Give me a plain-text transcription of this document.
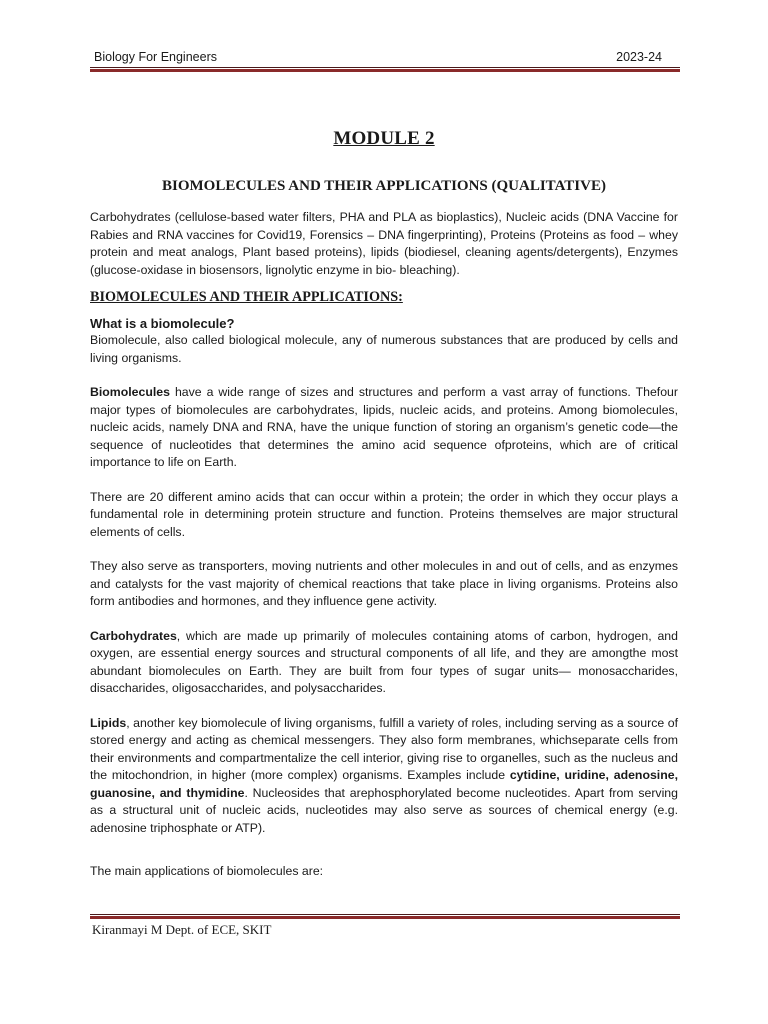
Biology For Engineers	2023-24
MODULE 2
BIOMOLECULES AND THEIR APPLICATIONS (QUALITATIVE)

Carbohydrates (cellulose-based water filters, PHA and PLA as bioplastics), Nucleic acids (DNA Vaccine for Rabies and RNA vaccines for Covid19, Forensics – DNA fingerprinting), Proteins (Proteins as food – whey protein and meat analogs, Plant based proteins), lipids (biodiesel, cleaning agents/detergents), Enzymes (glucose-oxidase in biosensors, lignolytic enzyme in bio- bleaching).

BIOMOLECULES AND THEIR APPLICATIONS:
What is a biomolecule?

Biomolecule, also called biological molecule, any of numerous substances that are produced by cells and living organisms.

Biomolecules have a wide range of sizes and structures and perform a vast array of functions. Thefour major types of biomolecules are carbohydrates, lipids, nucleic acids, and proteins. Among biomolecules, nucleic acids, namely DNA and RNA, have the unique function of storing an organism’s genetic code—the sequence of nucleotides that determines the amino acid sequence ofproteins, which are of critical importance to life on Earth.

There are 20 different amino acids that can occur within a protein; the order in which they occur plays a fundamental role in determining protein structure and function. Proteins themselves are major structural elements of cells.

They also serve as transporters, moving nutrients and other molecules in and out of cells, and as enzymes and catalysts for the vast majority of chemical reactions that take place in living organisms. Proteins also form antibodies and hormones, and they influence gene activity.

Carbohydrates, which are made up primarily of molecules containing atoms of carbon, hydrogen, and oxygen, are essential energy sources and structural components of all life, and they are amongthe most abundant biomolecules on Earth. They are built from four types of sugar units— monosaccharides, disaccharides, oligosaccharides, and polysaccharides.

Lipids, another key biomolecule of living organisms, fulfill a variety of roles, including serving as a source of stored energy and acting as chemical messengers. They also form membranes, whichseparate cells from their environments and compartmentalize the cell interior, giving rise to organelles, such as the nucleus and the mitochondrion, in higher (more complex) organisms. Examples include cytidine, uridine, adenosine, guanosine, and thymidine. Nucleosides that arephosphorylated become nucleotides. Apart from serving as a structural unit of nucleic acids, nucleotides may also serve as sources of chemical energy (e.g. adenosine triphosphate or ATP).

The main applications of biomolecules are:

Kiranmayi M Dept. of ECE, SKIT
